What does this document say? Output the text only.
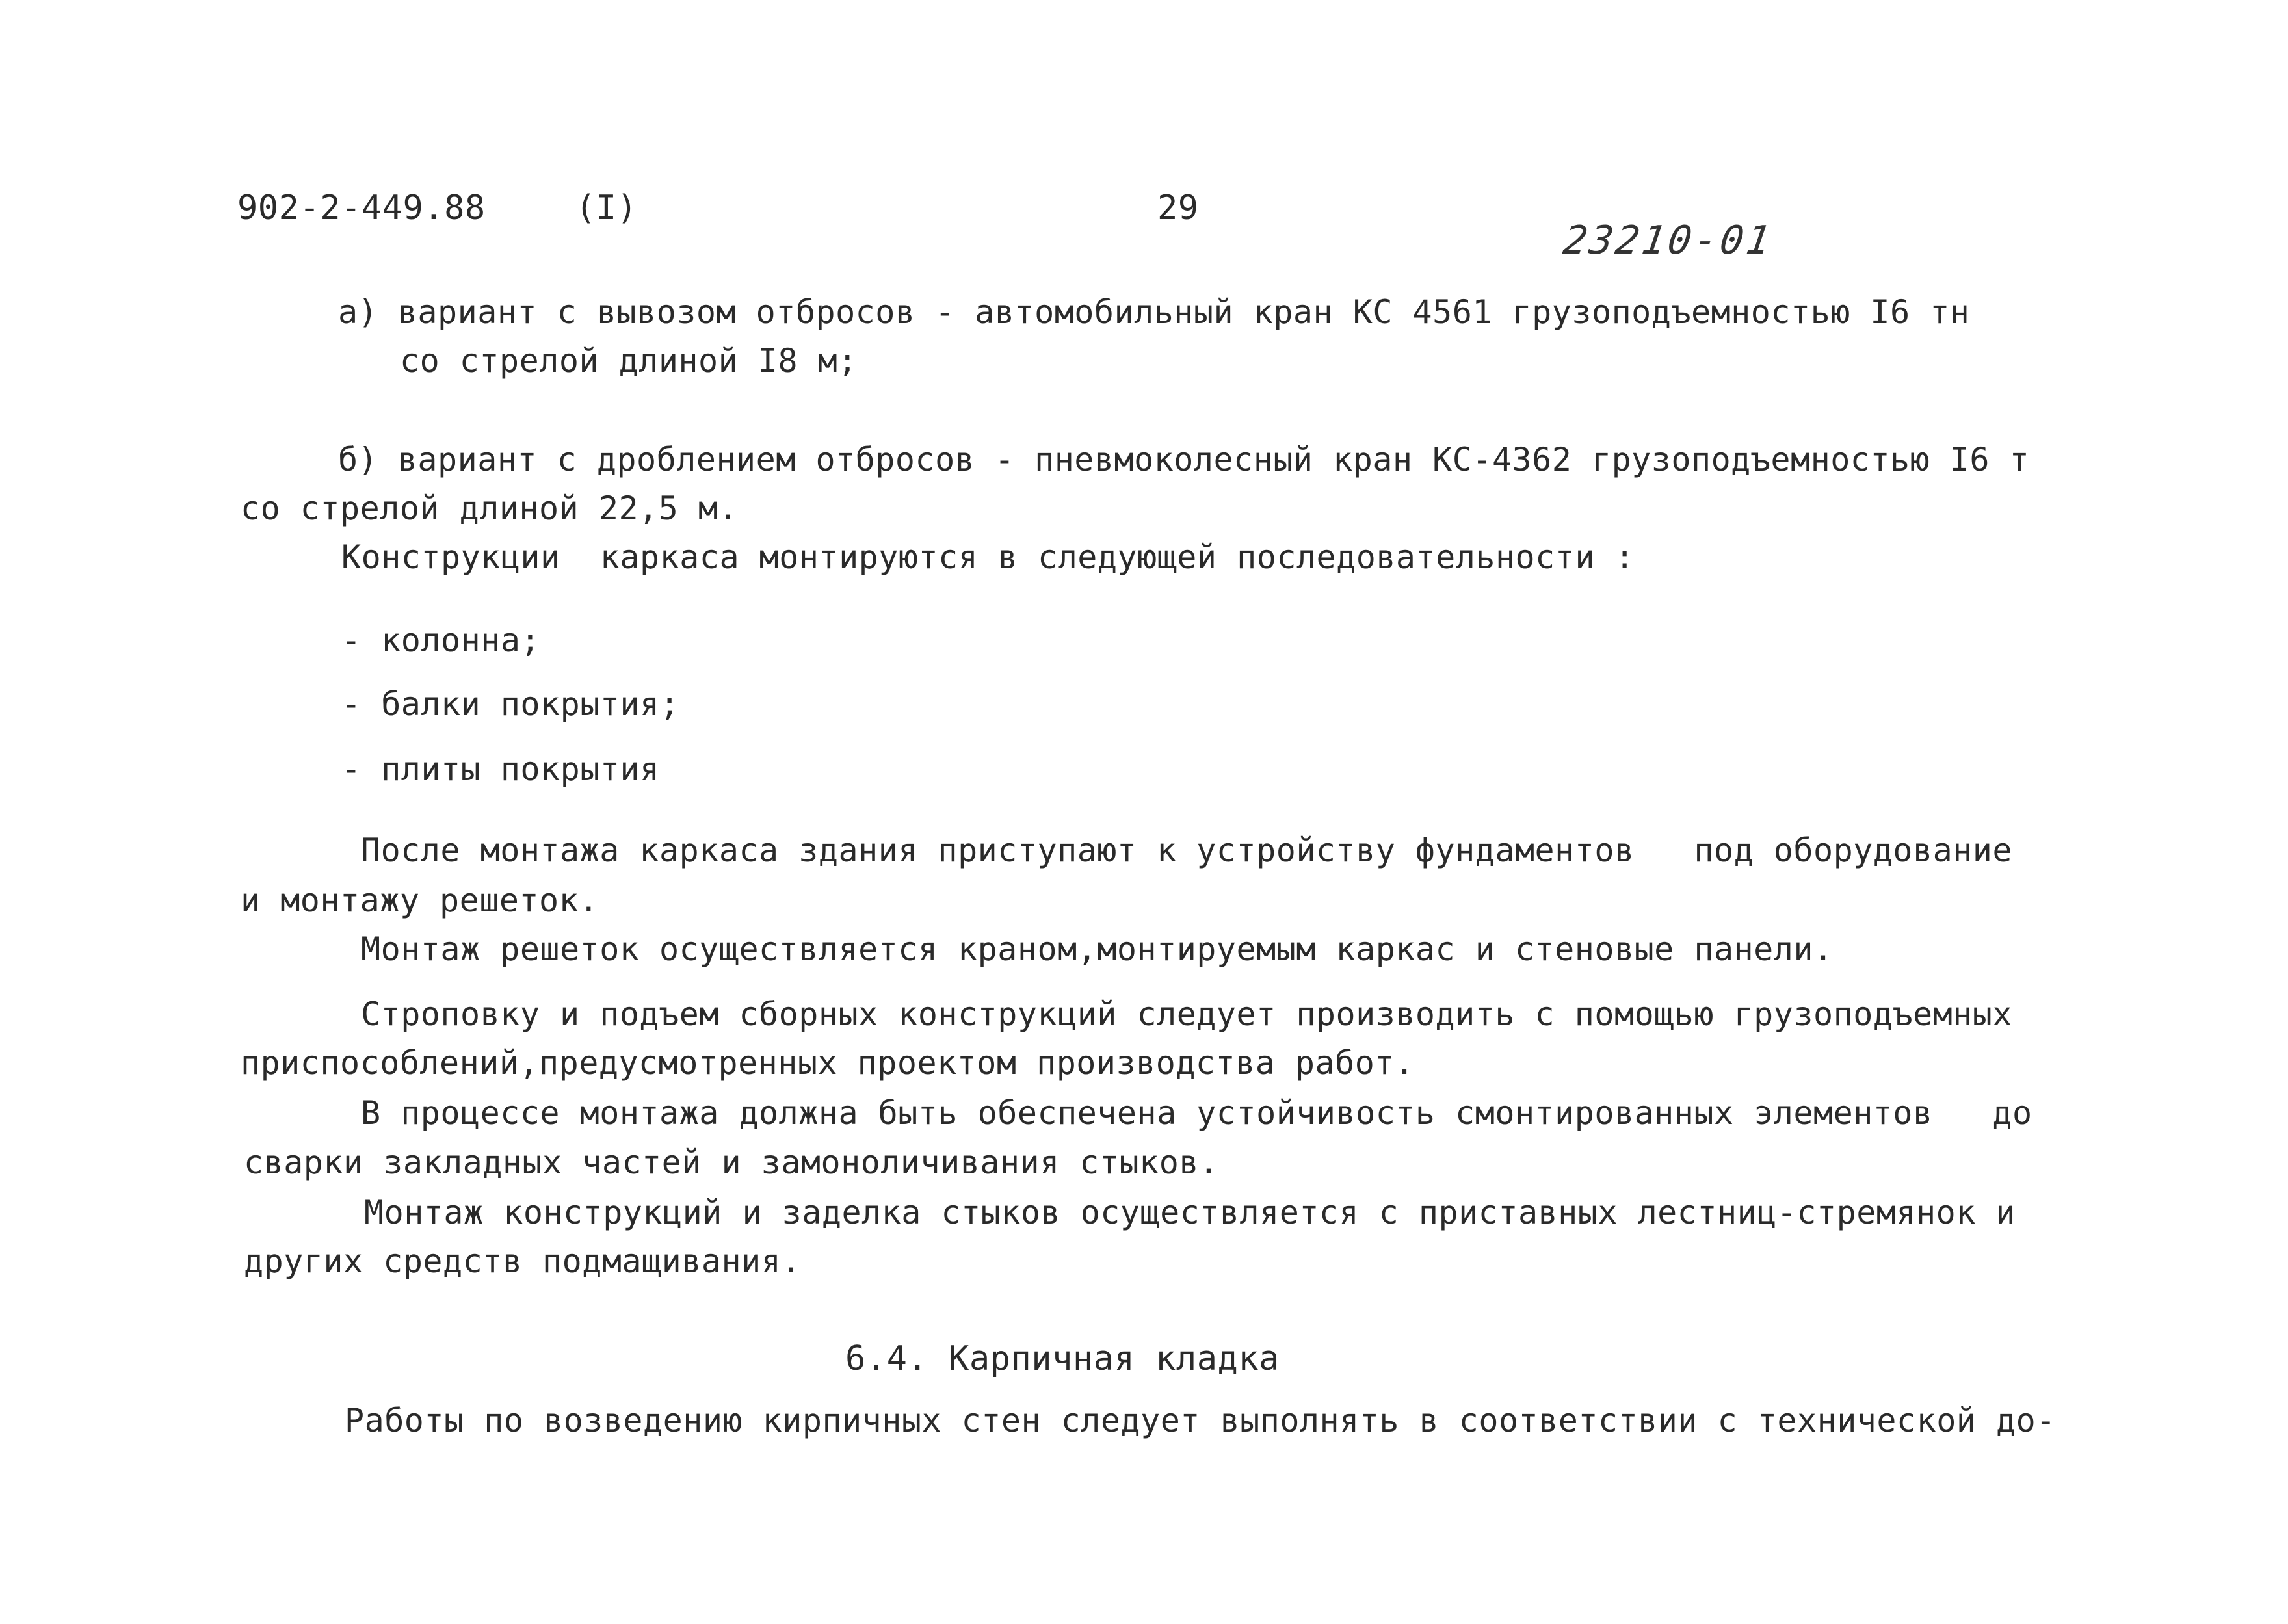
902-2-449.88	(I)	29
23210-01
а) вариант с вывозом отбросов - автомобильный кран КС 4561 грузоподъемностью I6 тн
со стрелой длиной I8 м;
б) вариант с дроблением отбросов - пневмоколесный кран КС-4362 грузоподъемностью I6 т
со стрелой длиной 22,5 м.
Конструкции  каркаса монтируются в следующей последовательности :
- колонна;
- балки покрытия;
- плиты покрытия
После монтажа каркаса здания приступают к устройству фундаментов   под оборудование
и монтажу решеток.
Монтаж решеток осуществляется краном,монтируемым каркас и стеновые панели.
Строповку и подъем сборных конструкций следует производить с помощью грузоподъемных
приспособлений,предусмотренных проектом производства работ.
В процессе монтажа должна быть обеспечена устойчивость смонтированных элементов   до
сварки закладных частей и замоноличивания стыков.
Монтаж конструкций и заделка стыков осуществляется с приставных лестниц-стремянок и
других средств подмащивания.
6.4. Карпичная кладка
Работы по возведению кирпичных стен следует выполнять в соответствии с технической до-
